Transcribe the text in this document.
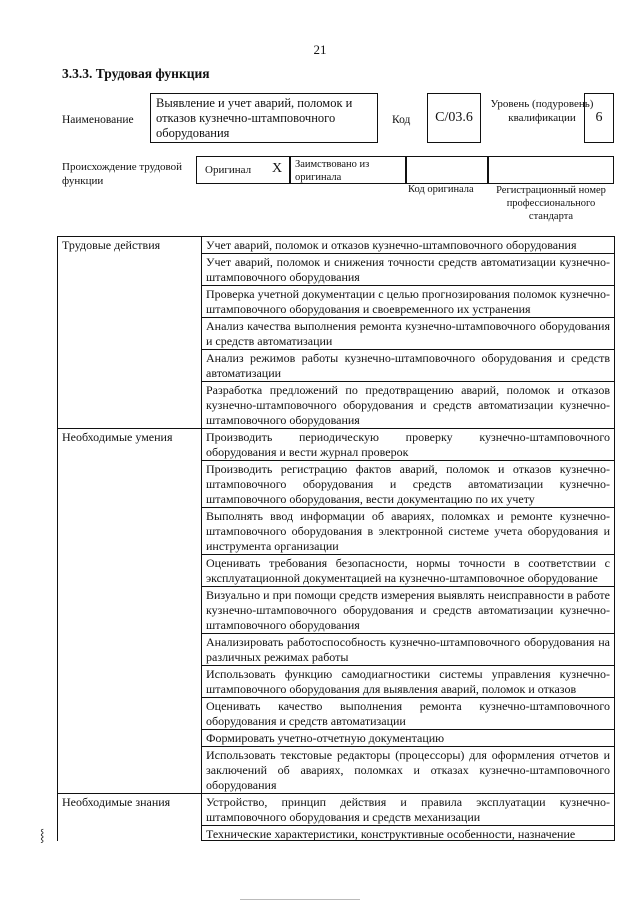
21
3.3.3. Трудовая функция
Наименование
Выявление и учет аварий, поломок и отказов кузнечно-штамповочного оборудования
Код	С/03.6
Уровень (подуровень) квалификации	6
Происхождение трудовой функции
Оригинал X	Заимствовано из оригинала
Код оригинала	Регистрационный номер профессионального стандарта
Трудовые действия	Учет аварий, поломок и отказов кузнечно-штамповочного оборудования
	Учет аварий, поломок и снижения точности средств автоматизации кузнечно-штамповочного оборудования
	Проверка учетной документации с целью прогнозирования поломок кузнечно-штамповочного оборудования и своевременного их устранения
	Анализ качества выполнения ремонта кузнечно-штамповочного оборудования и средств автоматизации
	Анализ режимов работы кузнечно-штамповочного оборудования и средств автоматизации
	Разработка предложений по предотвращению аварий, поломок и отказов кузнечно-штамповочного оборудования и средств автоматизации кузнечно-штамповочного оборудования
Необходимые умения	Производить периодическую проверку кузнечно-штамповочного оборудования и вести журнал проверок
	Производить регистрацию фактов аварий, поломок и отказов кузнечно-штамповочного оборудования и средств автоматизации кузнечно-штамповочного оборудования, вести документацию по их учету
	Выполнять ввод информации об авариях, поломках и ремонте кузнечно-штамповочного оборудования в электронной системе учета оборудования и инструмента организации
	Оценивать требования безопасности, нормы точности в соответствии с эксплуатационной документацией на кузнечно-штамповочное оборудование
	Визуально и при помощи средств измерения выявлять неисправности в работе кузнечно-штамповочного оборудования и средств автоматизации кузнечно-штамповочного оборудования
	Анализировать работоспособность кузнечно-штамповочного оборудования на различных режимах работы
	Использовать функцию самодиагностики системы управления кузнечно-штамповочного оборудования для выявления аварий, поломок и отказов
	Оценивать качество выполнения ремонта кузнечно-штамповочного оборудования и средств автоматизации
	Формировать учетно-отчетную документацию
	Использовать текстовые редакторы (процессоры) для оформления отчетов и заключений об авариях, поломках и отказах кузнечно-штамповочного оборудования
Необходимые знания	Устройство, принцип действия и правила эксплуатации кузнечно-штамповочного оборудования и средств механизации

	Технические характеристики, конструктивные особенности, назначение
⸾
